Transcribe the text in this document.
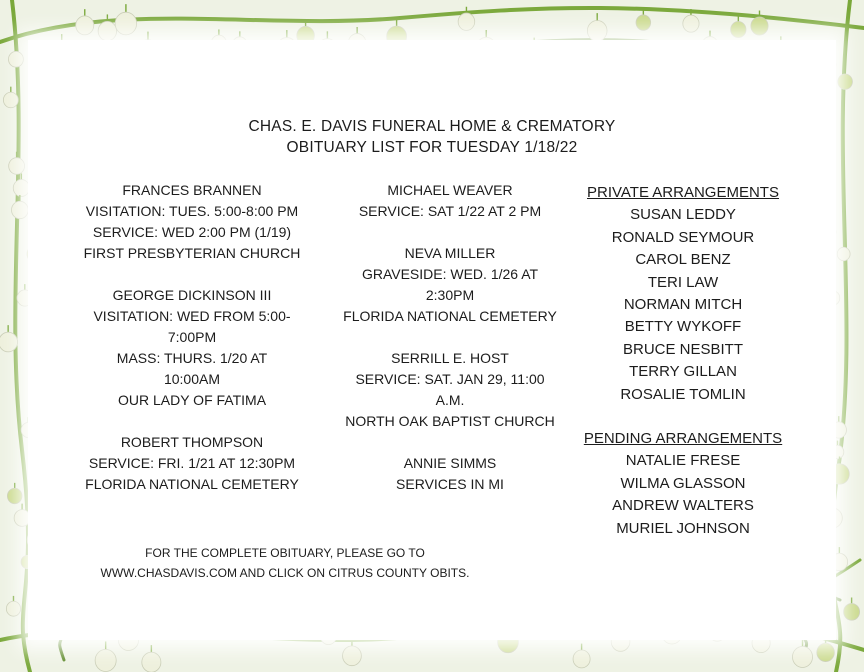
CHAS. E. DAVIS FUNERAL HOME & CREMATORY
OBITUARY LIST FOR TUESDAY 1/18/22
FRANCES BRANNEN
VISITATION: TUES. 5:00-8:00 PM
SERVICE: WED 2:00 PM (1/19)
FIRST PRESBYTERIAN CHURCH
GEORGE DICKINSON III
VISITATION: WED FROM 5:00-
7:00PM
MASS: THURS. 1/20 AT
10:00AM
OUR LADY OF FATIMA
ROBERT THOMPSON
SERVICE: FRI. 1/21 AT 12:30PM
FLORIDA NATIONAL CEMETERY
MICHAEL WEAVER
SERVICE: SAT 1/22 AT 2 PM
NEVA MILLER
GRAVESIDE: WED. 1/26 AT
2:30PM
FLORIDA NATIONAL CEMETERY
SERRILL E. HOST
SERVICE: SAT. JAN 29, 11:00
A.M.
NORTH OAK BAPTIST CHURCH
ANNIE SIMMS
SERVICES IN MI
PRIVATE ARRANGEMENTS
SUSAN LEDDY
RONALD SEYMOUR
CAROL BENZ
TERI LAW
NORMAN MITCH
BETTY WYKOFF
BRUCE NESBITT
TERRY GILLAN
ROSALIE TOMLIN
PENDING ARRANGEMENTS
NATALIE FRESE
WILMA GLASSON
ANDREW WALTERS
MURIEL JOHNSON
FOR THE COMPLETE OBITUARY, PLEASE GO TO
WWW.CHASDAVIS.COM AND CLICK ON CITRUS COUNTY OBITS.
